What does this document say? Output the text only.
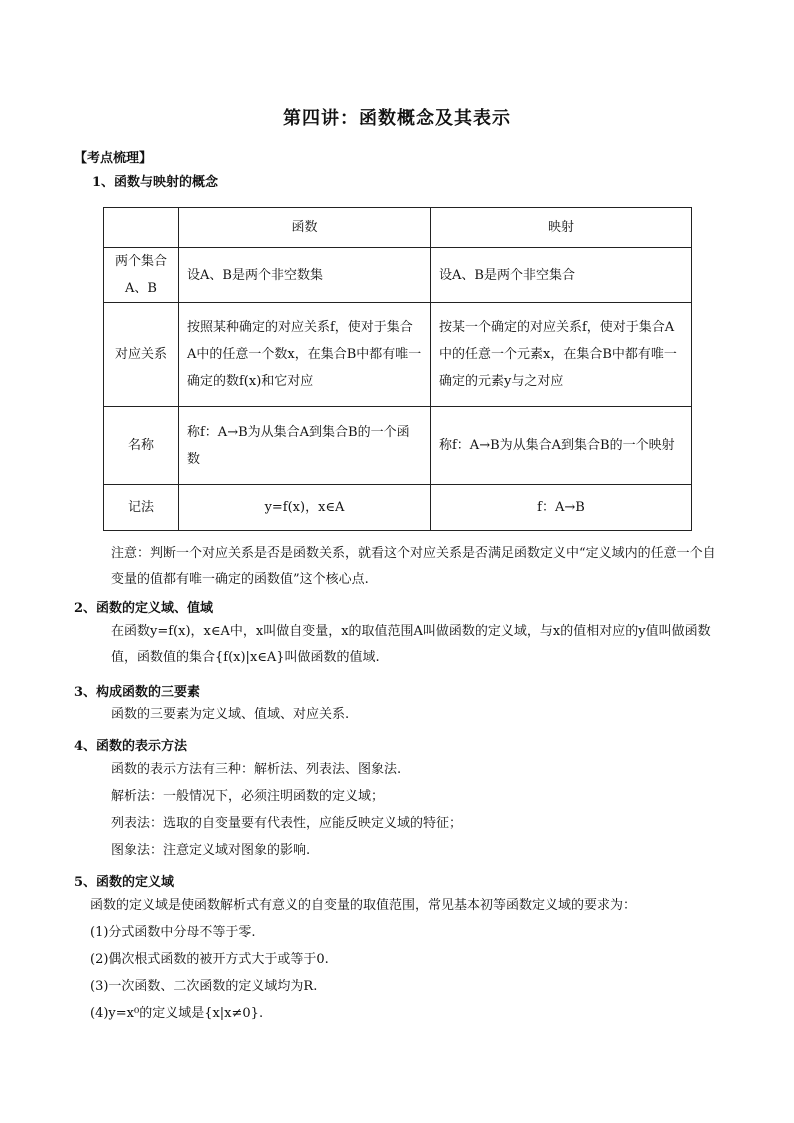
第四讲：函数概念及其表示
【考点梳理】
1、函数与映射的概念
	函数	映射
两个集合A、B	设A、B是两个非空数集	设A、B是两个非空集合
对应关系	按照某种确定的对应关系f，使对于集合A中的任意一个数x，在集合B中都有唯一确定的数f(x)和它对应	按某一个确定的对应关系f，使对于集合A中的任意一个元素x，在集合B中都有唯一确定的元素y与之对应
名称	称f：A→B为从集合A到集合B的一个函数	称f：A→B为从集合A到集合B的一个映射
记法	y=f(x)，x∈A	f：A→B
注意：判断一个对应关系是否是函数关系，就看这个对应关系是否满足函数定义中“定义域内的任意一个自变量的值都有唯一确定的函数值”这个核心点.
2、函数的定义域、值域
在函数y=f(x)，x∈A中，x叫做自变量，x的取值范围A叫做函数的定义域，与x的值相对应的y值叫做函数值，函数值的集合{f(x)|x∈A}叫做函数的值域.
3、构成函数的三要素
函数的三要素为定义域、值域、对应关系.
4、函数的表示方法
函数的表示方法有三种：解析法、列表法、图象法.
解析法：一般情况下，必须注明函数的定义域；
列表法：选取的自变量要有代表性，应能反映定义域的特征；
图象法：注意定义域对图象的影响.
5、函数的定义域
函数的定义域是使函数解析式有意义的自变量的取值范围，常见基本初等函数定义域的要求为：
(1)分式函数中分母不等于零.
(2)偶次根式函数的被开方式大于或等于0.
(3)一次函数、二次函数的定义域均为R.
(4)y=x⁰的定义域是{x|x≠0}.
